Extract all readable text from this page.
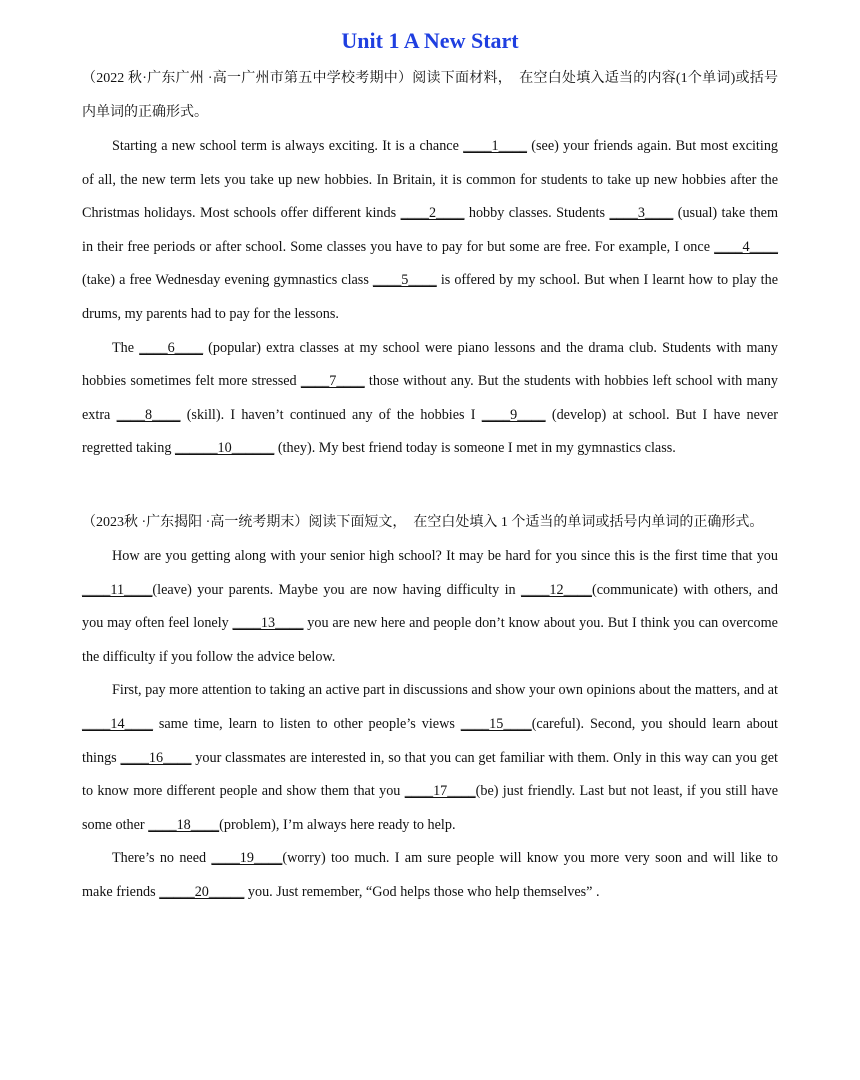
Unit 1 A New Start

（2022 秋·广东广州 ·高一广州市第五中学校考期中）阅读下面材料，　在空白处填入适当的内容(1个单词)或括号内单词的正确形式。

Starting a new school term is always exciting. It is a chance ____1____ (see) your friends again. But most exciting of all, the new term lets you take up new hobbies. In Britain, it is common for students to take up new hobbies after the Christmas holidays. Most schools offer different kinds ____2____ hobby classes. Students ____3____ (usual) take them in their free periods or after school. Some classes you have to pay for but some are free. For example, I once ____4____ (take) a free Wednesday evening gymnastics class ____5____ is offered by my school. But when I learnt how to play the drums, my parents had to pay for the lessons.

The ____6____ (popular) extra classes at my school were piano lessons and the drama club. Students with many hobbies sometimes felt more stressed ____7____ those without any. But the students with hobbies left school with many extra ____8____ (skill). I haven’t continued any of the hobbies I ____9____ (develop) at school. But I have never regretted taking ______10______ (they). My best friend today is someone I met in my gymnastics class.

（2023秋 ·广东揭阳 ·高一统考期末）阅读下面短文，　在空白处填入 1 个适当的单词或括号内单词的正确形式。

How are you getting along with your senior high school? It may be hard for you since this is the first time that you ____11____(leave) your parents. Maybe you are now having difficulty in ____12____(communicate) with others, and you may often feel lonely ____13____ you are new here and people don’t know about you. But I think you can overcome the difficulty if you follow the advice below.

First, pay more attention to taking an active part in discussions and show your own opinions about the matters, and at ____14____ same time, learn to listen to other people’s views ____15____(careful). Second, you should learn about things ____16____ your classmates are interested in, so that you can get familiar with them. Only in this way can you get to know more different people and show them that you ____17____(be) just friendly. Last but not least, if you still have some other ____18____(problem), I’m always here ready to help.

There’s no need ____19____(worry) too much. I am sure people will know you more very soon and will like to make friends _____20_____ you. Just remember, “God helps those who help themselves” .
